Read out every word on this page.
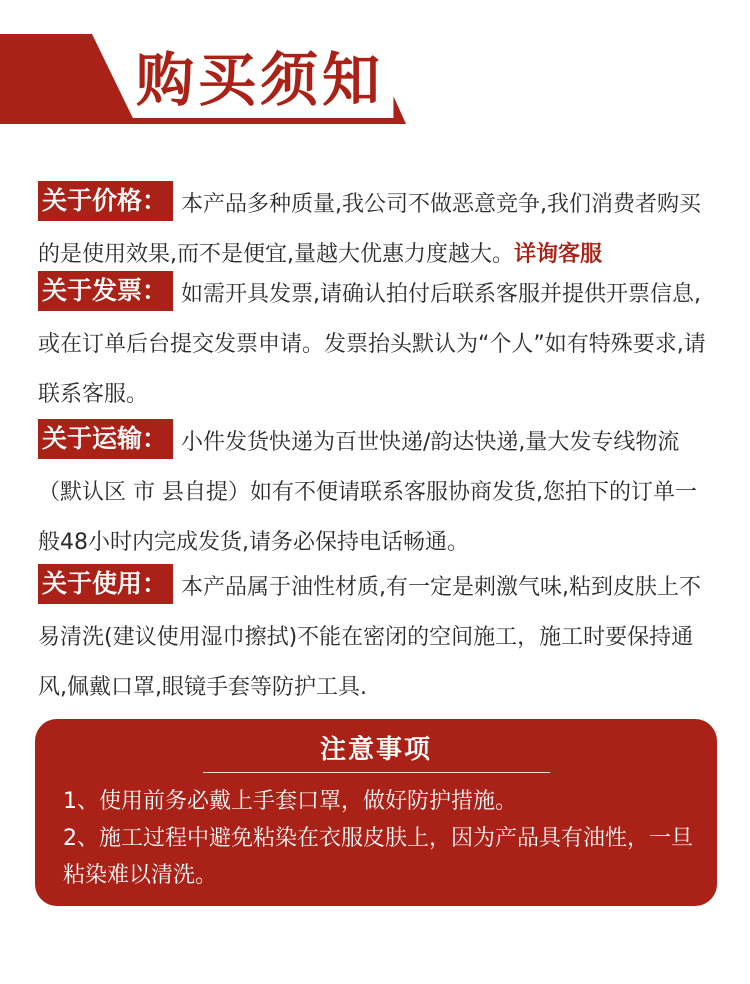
购买须知
关于价格： 本产品多种质量,我公司不做恶意竞争,我们消费者购买的是使用效果,而不是便宜,量越大优惠力度越大。详询客服
关于发票： 如需开具发票,请确认拍付后联系客服并提供开票信息,或在订单后台提交发票申请。发票抬头默认为“个人”如有特殊要求,请联系客服。
关于运输： 小件发货快递为百世快递/韵达快递,量大发专线物流（默认区 市 县自提）如有不便请联系客服协商发货,您拍下的订单一般48小时内完成发货,请务必保持电话畅通。
关于使用： 本产品属于油性材质,有一定是刺激气味,粘到皮肤上不易清洗(建议使用湿巾擦拭)不能在密闭的空间施工，施工时要保持通风,佩戴口罩,眼镜手套等防护工具.
注意事项
1、使用前务必戴上手套口罩，做好防护措施。
2、施工过程中避免粘染在衣服皮肤上，因为产品具有油性，一旦粘染难以清洗。
